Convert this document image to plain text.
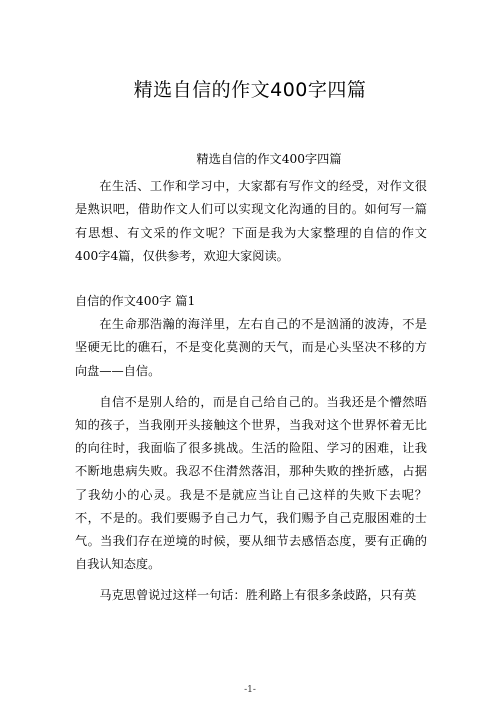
精选自信的作文400字四篇

精选自信的作文400字四篇

在生活、工作和学习中，大家都有写作文的经受，对作文很是熟识吧，借助作文人们可以实现文化沟通的目的。如何写一篇有思想、有文采的作文呢？下面是我为大家整理的自信的作文400字4篇，仅供参考，欢迎大家阅读。

自信的作文400字 篇1

在生命那浩瀚的海洋里，左右自己的不是汹涌的波涛，不是坚硬无比的礁石，不是变化莫测的天气，而是心头坚决不移的方向盘——自信。

自信不是别人给的，而是自己给自己的。当我还是个懵然晤知的孩子，当我刚开头接触这个世界，当我对这个世界怀着无比的向往时，我面临了很多挑战。生活的险阻、学习的困难，让我不断地患病失败。我忍不住潸然落泪，那种失败的挫折感，占据了我幼小的心灵。我是不是就应当让自己这样的失败下去呢？不，不是的。我们要赐予自己力气，我们赐予自己克服困难的士气。当我们存在逆境的时候，要从细节去感悟态度，要有正确的自我认知态度。

马克思曾说过这样一句话：胜利路上有很多条歧路，只有英

-1-
